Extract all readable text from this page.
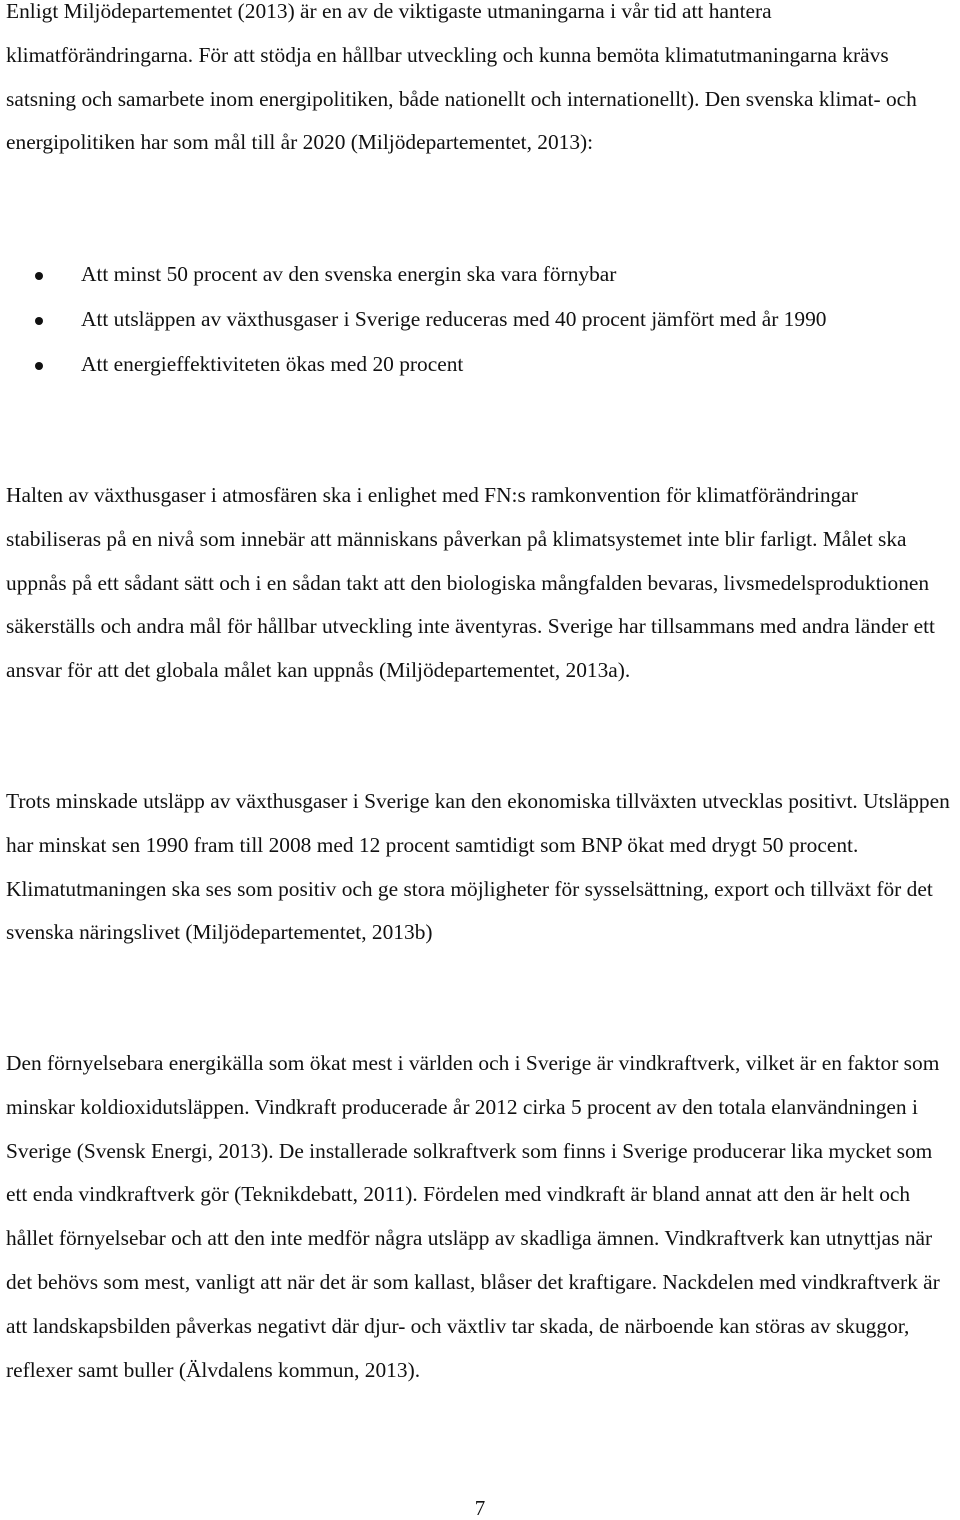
Enligt Miljödepartementet (2013) är en av de viktigaste utmaningarna i vår tid att hantera klimatförändringarna. För att stödja en hållbar utveckling och kunna bemöta klimatutmaningarna krävs satsning och samarbete inom energipolitiken, både nationellt och internationellt). Den svenska klimat- och energipolitiken har som mål till år 2020 (Miljödepartementet, 2013):

Att minst 50 procent av den svenska energin ska vara förnybar
Att utsläppen av växthusgaser i Sverige reduceras med 40 procent jämfört med år 1990
Att energieffektiviteten ökas med 20 procent

Halten av växthusgaser i atmosfären ska i enlighet med FN:s ramkonvention för klimatförändringar stabiliseras på en nivå som innebär att människans påverkan på klimatsystemet inte blir farligt. Målet ska uppnås på ett sådant sätt och i en sådan takt att den biologiska mångfalden bevaras, livsmedelsproduktionen säkerställs och andra mål för hållbar utveckling inte äventyras. Sverige har tillsammans med andra länder ett ansvar för att det globala målet kan uppnås (Miljödepartementet, 2013a).

Trots minskade utsläpp av växthusgaser i Sverige kan den ekonomiska tillväxten utvecklas positivt. Utsläppen har minskat sen 1990 fram till 2008 med 12 procent samtidigt som BNP ökat med drygt 50 procent. Klimatutmaningen ska ses som positiv och ge stora möjligheter för sysselsättning, export och tillväxt för det svenska näringslivet (Miljödepartementet, 2013b)

Den förnyelsebara energikälla som ökat mest i världen och i Sverige är vindkraftverk, vilket är en faktor som minskar koldioxidutsläppen. Vindkraft producerade år 2012 cirka 5 procent av den totala elanvändningen i Sverige (Svensk Energi, 2013). De installerade solkraftverk som finns i Sverige producerar lika mycket som ett enda vindkraftverk gör (Teknikdebatt, 2011). Fördelen med vindkraft är bland annat att den är helt och hållet förnyelsebar och att den inte medför några utsläpp av skadliga ämnen. Vindkraftverk kan utnyttjas när det behövs som mest, vanligt att när det är som kallast, blåser det kraftigare. Nackdelen med vindkraftverk är att landskapsbilden påverkas negativt där djur- och växtliv tar skada, de närboende kan störas av skuggor, reflexer samt buller (Älvdalens kommun, 2013).

7
